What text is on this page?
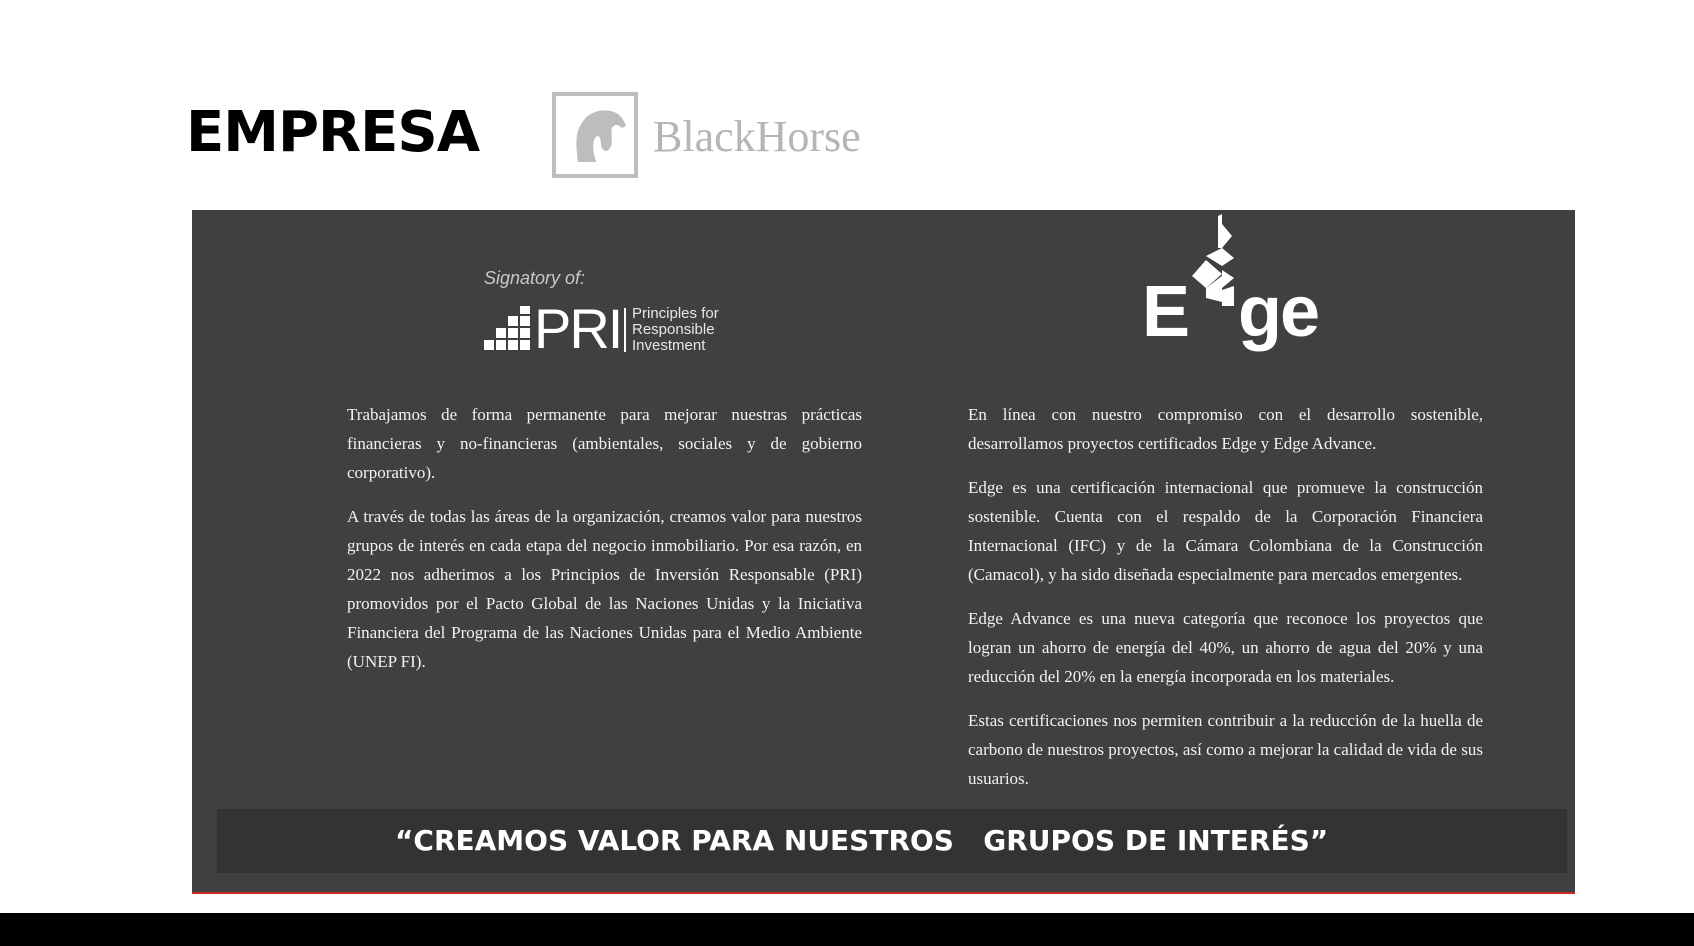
EMPRESA	BlackHorse
Signatory of:
PRI Principles for
Responsible
Investment	E ge

Trabajamos de forma permanente para mejorar nuestras prácticas financieras y no-financieras (ambientales, sociales y de gobierno corporativo).

A través de todas las áreas de la organización, creamos valor para nuestros grupos de interés en cada etapa del negocio inmobiliario. Por esa razón, en 2022 nos adherimos a los Principios de Inversión Responsable (PRI) promovidos por el Pacto Global de las Naciones Unidas y la Iniciativa Financiera del Programa de las Naciones Unidas para el Medio Ambiente (UNEP FI).

En línea con nuestro compromiso con el desarrollo sostenible, desarrollamos proyectos certificados Edge y Edge Advance.

Edge es una certificación internacional que promueve la construcción sostenible. Cuenta con el respaldo de la Corporación Financiera Internacional (IFC) y de la Cámara Colombiana de la Construcción (Camacol), y ha sido diseñada especialmente para mercados emergentes.

Edge Advance es una nueva categoría que reconoce los proyectos que logran un ahorro de energía del 40%, un ahorro de agua del 20% y una reducción del 20% en la energía incorporada en los materiales.

Estas certificaciones nos permiten contribuir a la reducción de la huella de carbono de nuestros proyectos, así como a mejorar la calidad de vida de sus usuarios.

“CREAMOS VALOR PARA NUESTROS   GRUPOS DE INTERÉS”
